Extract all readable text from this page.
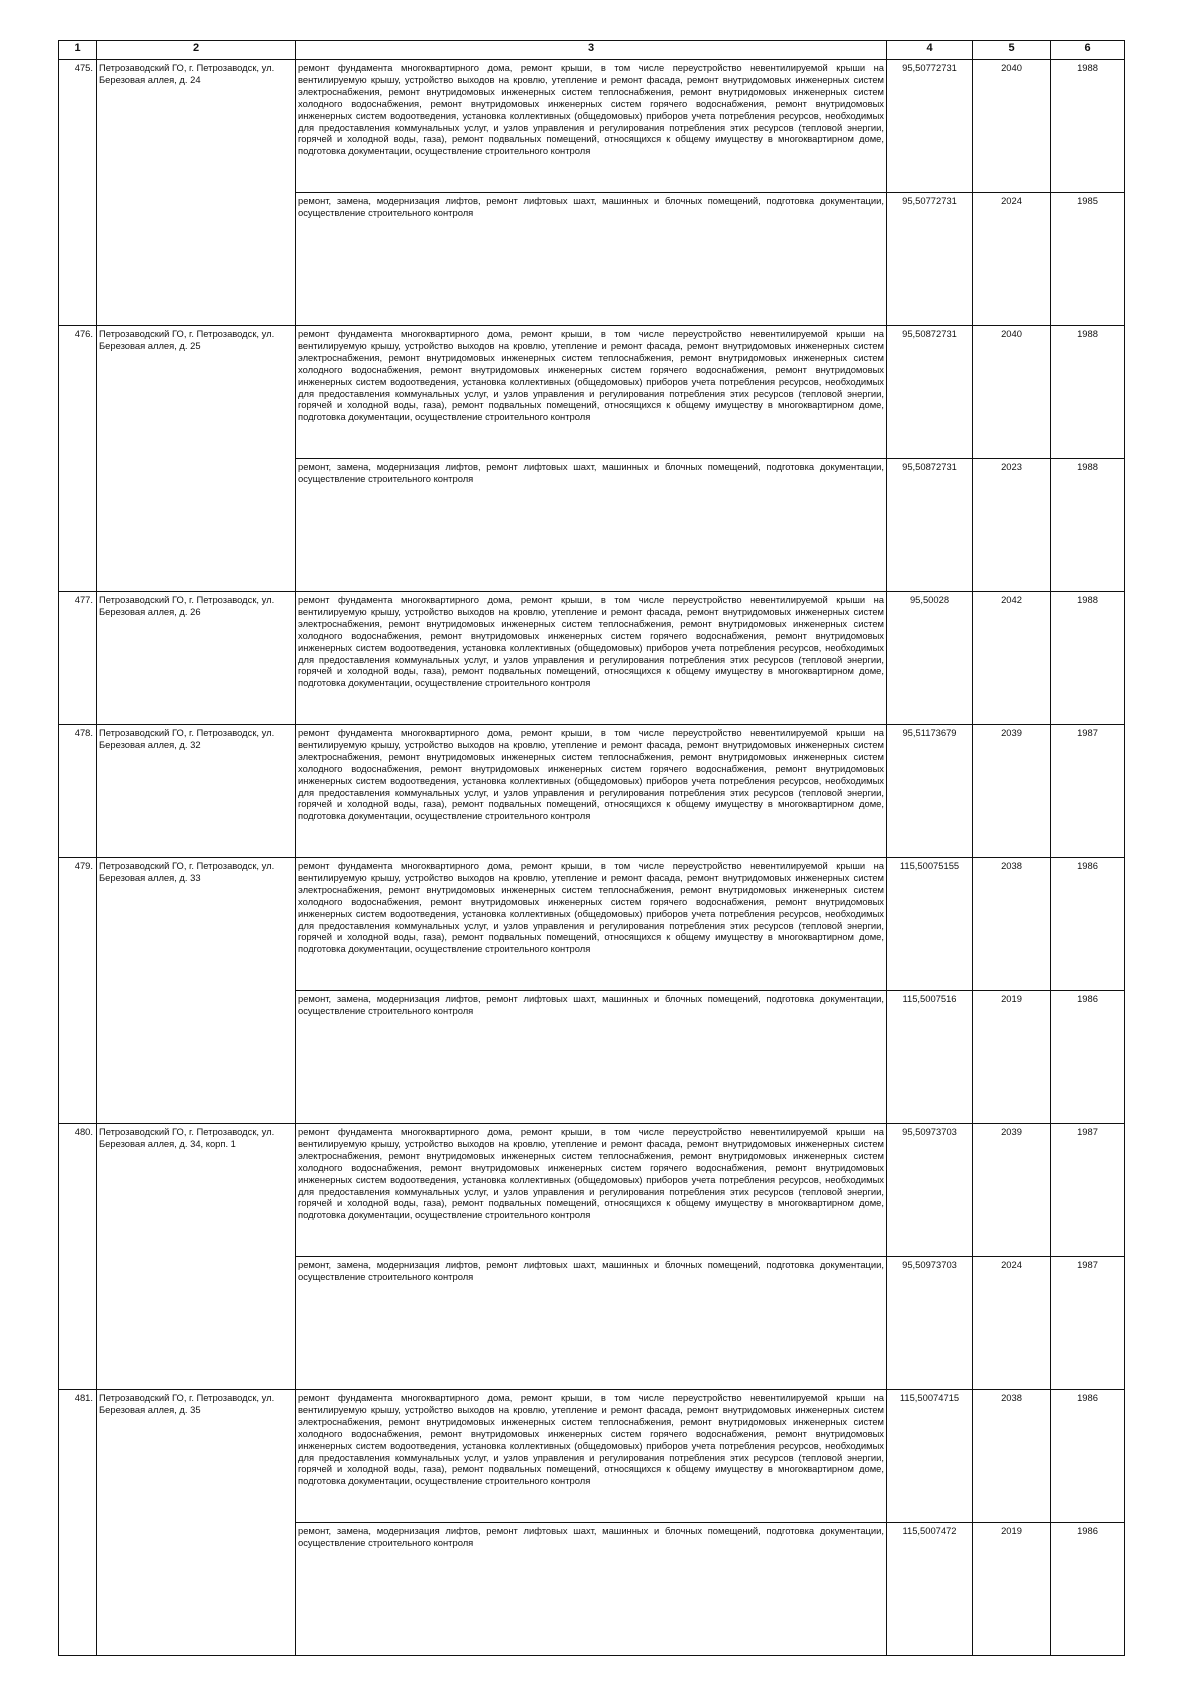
1	2	3	4	5	6
475.	Петрозаводский ГО, г. Петрозаводск, ул. Березовая аллея, д. 24	ремонт фундамента многоквартирного дома, ремонт крыши, в том числе переустройство невентилируемой крыши на вентилируемую крышу, устройство выходов на кровлю, утепление и ремонт фасада, ремонт внутридомовых инженерных систем электроснабжения, ремонт внутридомовых инженерных систем теплоснабжения, ремонт внутридомовых инженерных систем холодного водоснабжения, ремонт внутридомовых инженерных систем горячего водоснабжения, ремонт внутридомовых инженерных систем водоотведения, установка коллективных (общедомовых) приборов учета потребления ресурсов, необходимых для предоставления коммунальных услуг, и узлов управления и регулирования потребления этих ресурсов (тепловой энергии, горячей и холодной воды, газа), ремонт подвальных помещений, относящихся к общему имуществу в многоквартирном доме, подготовка документации, осуществление строительного контроля	95,50772731	2040	1988
		ремонт, замена, модернизация лифтов, ремонт лифтовых шахт, машинных и блочных помещений, подготовка документации, осуществление строительного контроля	95,50772731	2024	1985
476.	Петрозаводский ГО, г. Петрозаводск, ул. Березовая аллея, д. 25	ремонт фундамента многоквартирного дома, ремонт крыши, в том числе переустройство невентилируемой крыши на вентилируемую крышу, устройство выходов на кровлю, утепление и ремонт фасада, ремонт внутридомовых инженерных систем электроснабжения, ремонт внутридомовых инженерных систем теплоснабжения, ремонт внутридомовых инженерных систем холодного водоснабжения, ремонт внутридомовых инженерных систем горячего водоснабжения, ремонт внутридомовых инженерных систем водоотведения, установка коллективных (общедомовых) приборов учета потребления ресурсов, необходимых для предоставления коммунальных услуг, и узлов управления и регулирования потребления этих ресурсов (тепловой энергии, горячей и холодной воды, газа), ремонт подвальных помещений, относящихся к общему имуществу в многоквартирном доме, подготовка документации, осуществление строительного контроля	95,50872731	2040	1988
		ремонт, замена, модернизация лифтов, ремонт лифтовых шахт, машинных и блочных помещений, подготовка документации, осуществление строительного контроля	95,50872731	2023	1988
477.	Петрозаводский ГО, г. Петрозаводск, ул. Березовая аллея, д. 26	ремонт фундамента многоквартирного дома, ремонт крыши, в том числе переустройство невентилируемой крыши на вентилируемую крышу, устройство выходов на кровлю, утепление и ремонт фасада, ремонт внутридомовых инженерных систем электроснабжения, ремонт внутридомовых инженерных систем теплоснабжения, ремонт внутридомовых инженерных систем холодного водоснабжения, ремонт внутридомовых инженерных систем горячего водоснабжения, ремонт внутридомовых инженерных систем водоотведения, установка коллективных (общедомовых) приборов учета потребления ресурсов, необходимых для предоставления коммунальных услуг, и узлов управления и регулирования потребления этих ресурсов (тепловой энергии, горячей и холодной воды, газа), ремонт подвальных помещений, относящихся к общему имуществу в многоквартирном доме, подготовка документации, осуществление строительного контроля	95,50028	2042	1988
478.	Петрозаводский ГО, г. Петрозаводск, ул. Березовая аллея, д. 32	ремонт фундамента многоквартирного дома, ремонт крыши, в том числе переустройство невентилируемой крыши на вентилируемую крышу, устройство выходов на кровлю, утепление и ремонт фасада, ремонт внутридомовых инженерных систем электроснабжения, ремонт внутридомовых инженерных систем теплоснабжения, ремонт внутридомовых инженерных систем холодного водоснабжения, ремонт внутридомовых инженерных систем горячего водоснабжения, ремонт внутридомовых инженерных систем водоотведения, установка коллективных (общедомовых) приборов учета потребления ресурсов, необходимых для предоставления коммунальных услуг, и узлов управления и регулирования потребления этих ресурсов (тепловой энергии, горячей и холодной воды, газа), ремонт подвальных помещений, относящихся к общему имуществу в многоквартирном доме, подготовка документации, осуществление строительного контроля	95,51173679	2039	1987
479.	Петрозаводский ГО, г. Петрозаводск, ул. Березовая аллея, д. 33	ремонт фундамента многоквартирного дома, ремонт крыши, в том числе переустройство невентилируемой крыши на вентилируемую крышу, устройство выходов на кровлю, утепление и ремонт фасада, ремонт внутридомовых инженерных систем электроснабжения, ремонт внутридомовых инженерных систем теплоснабжения, ремонт внутридомовых инженерных систем холодного водоснабжения, ремонт внутридомовых инженерных систем горячего водоснабжения, ремонт внутридомовых инженерных систем водоотведения, установка коллективных (общедомовых) приборов учета потребления ресурсов, необходимых для предоставления коммунальных услуг, и узлов управления и регулирования потребления этих ресурсов (тепловой энергии, горячей и холодной воды, газа), ремонт подвальных помещений, относящихся к общему имуществу в многоквартирном доме, подготовка документации, осуществление строительного контроля	115,50075155	2038	1986
		ремонт, замена, модернизация лифтов, ремонт лифтовых шахт, машинных и блочных помещений, подготовка документации, осуществление строительного контроля	115,5007516	2019	1986
480.	Петрозаводский ГО, г. Петрозаводск, ул. Березовая аллея, д. 34, корп. 1	ремонт фундамента многоквартирного дома, ремонт крыши, в том числе переустройство невентилируемой крыши на вентилируемую крышу, устройство выходов на кровлю, утепление и ремонт фасада, ремонт внутридомовых инженерных систем электроснабжения, ремонт внутридомовых инженерных систем теплоснабжения, ремонт внутридомовых инженерных систем холодного водоснабжения, ремонт внутридомовых инженерных систем горячего водоснабжения, ремонт внутридомовых инженерных систем водоотведения, установка коллективных (общедомовых) приборов учета потребления ресурсов, необходимых для предоставления коммунальных услуг, и узлов управления и регулирования потребления этих ресурсов (тепловой энергии, горячей и холодной воды, газа), ремонт подвальных помещений, относящихся к общему имуществу в многоквартирном доме, подготовка документации, осуществление строительного контроля	95,50973703	2039	1987
		ремонт, замена, модернизация лифтов, ремонт лифтовых шахт, машинных и блочных помещений, подготовка документации, осуществление строительного контроля	95,50973703	2024	1987
481.	Петрозаводский ГО, г. Петрозаводск, ул. Березовая аллея, д. 35	ремонт фундамента многоквартирного дома, ремонт крыши, в том числе переустройство невентилируемой крыши на вентилируемую крышу, устройство выходов на кровлю, утепление и ремонт фасада, ремонт внутридомовых инженерных систем электроснабжения, ремонт внутридомовых инженерных систем теплоснабжения, ремонт внутридомовых инженерных систем холодного водоснабжения, ремонт внутридомовых инженерных систем горячего водоснабжения, ремонт внутридомовых инженерных систем водоотведения, установка коллективных (общедомовых) приборов учета потребления ресурсов, необходимых для предоставления коммунальных услуг, и узлов управления и регулирования потребления этих ресурсов (тепловой энергии, горячей и холодной воды, газа), ремонт подвальных помещений, относящихся к общему имуществу в многоквартирном доме, подготовка документации, осуществление строительного контроля	115,50074715	2038	1986
		ремонт, замена, модернизация лифтов, ремонт лифтовых шахт, машинных и блочных помещений, подготовка документации, осуществление строительного контроля	115,5007472	2019	1986
